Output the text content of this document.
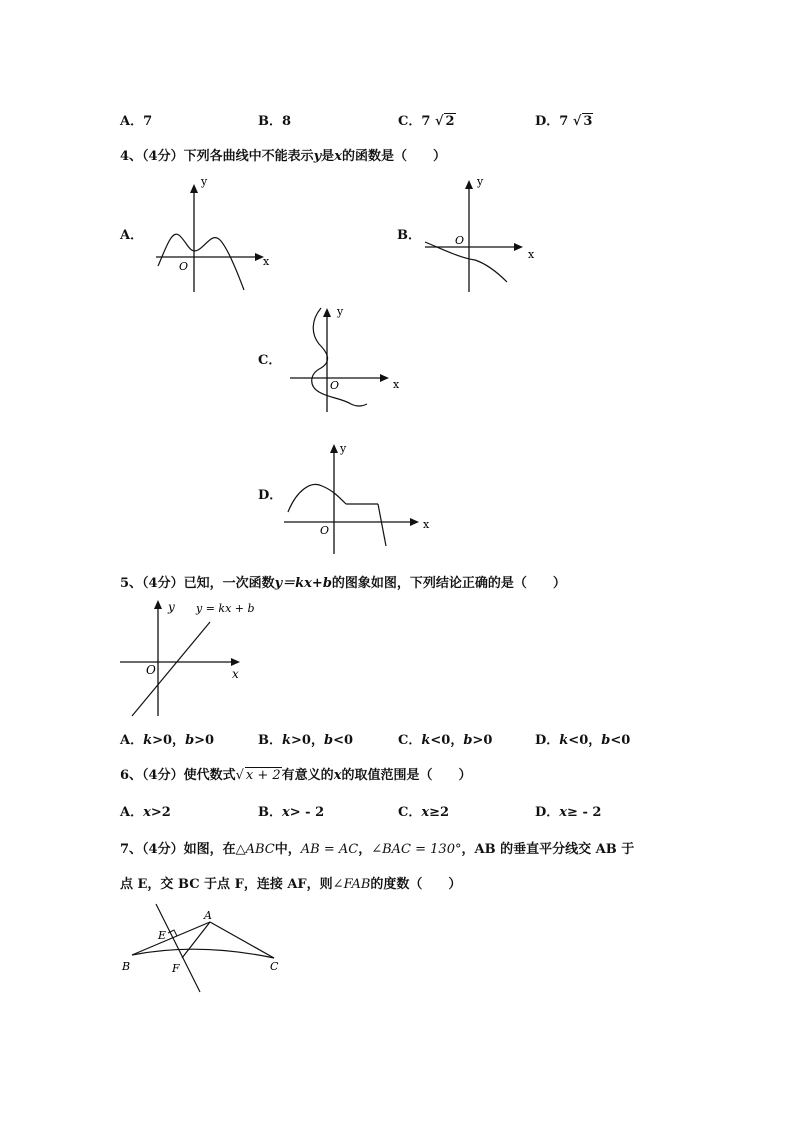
A．7	B．8	C．7 √ 2	D．7 √ 3
4、（4分）下列各曲线中不能表示y是x的函数是（　　）
A．
y
x
O
B．
y
x
O
C．
y
x
O
D．
y
x
O
5、（4分）已知，一次函数y＝kx+b的图象如图，下列结论正确的是（　　）
y
x
O
y = kx + b
A．k>0，b>0	B．k>0，b<0	C．k<0，b>0	D．k<0，b<0
6、（4分）使代数式√ x + 2有意义的x的取值范围是（　　）
A．x>2	B．x> - 2	C．x≥2	D．x≥ - 2
7、（4分）如图，在△ABC中，AB = AC，∠BAC = 130°，AB 的垂直平分线交 AB 于
点 E，交 BC 于点 F，连接 AF，则∠FAB的度数（　　）
A
B	C
E
F
